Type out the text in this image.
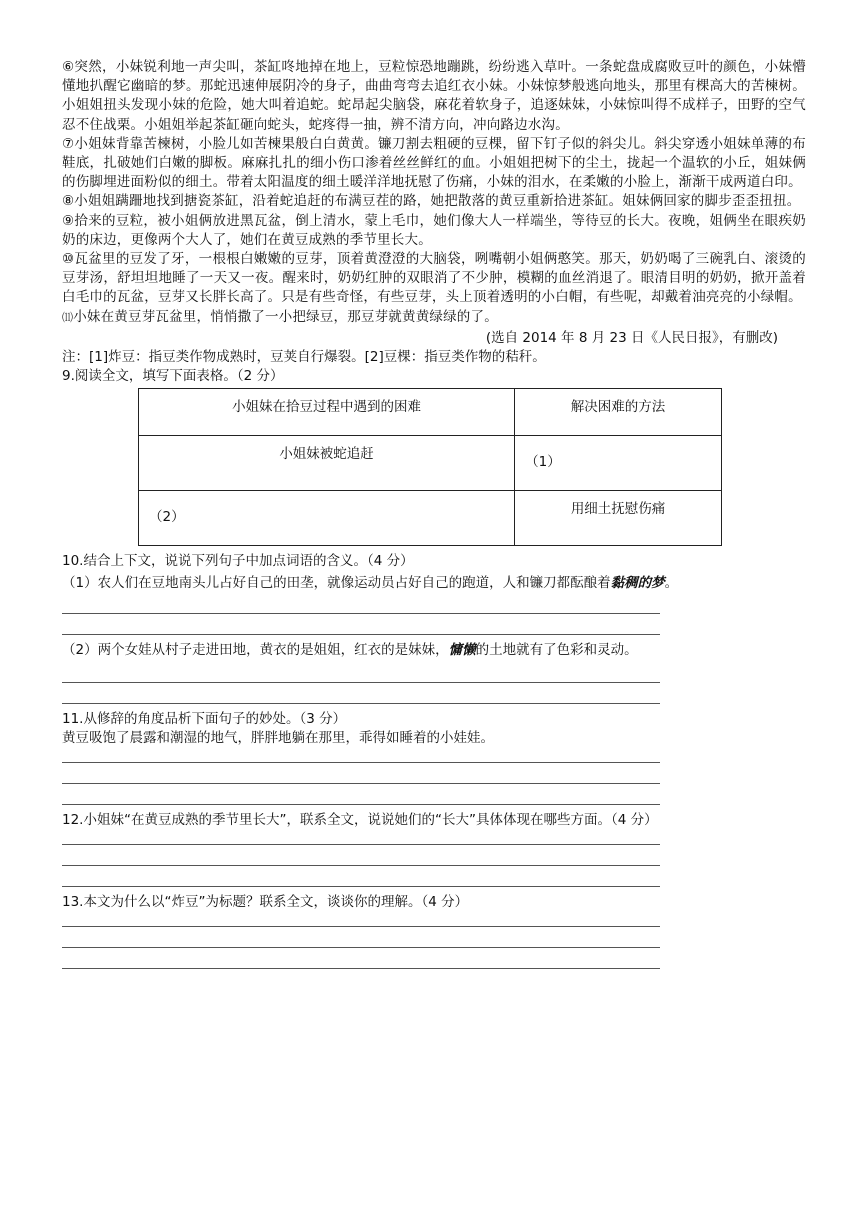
⑥突然，小妹锐利地一声尖叫，茶缸咚地掉在地上，豆粒惊恐地蹦跳，纷纷逃入草叶。一条蛇盘成腐败豆叶的颜色，小妹懵懂地扒醒它幽暗的梦。那蛇迅速伸展阴冷的身子，曲曲弯弯去追红衣小妹。小妹惊梦般逃向地头，那里有棵高大的苦楝树。小姐姐扭头发现小妹的危险，她大叫着追蛇。蛇昂起尖脑袋，麻花着软身子，追逐妹妹，小妹惊叫得不成样子，田野的空气忍不住战栗。小姐姐举起茶缸砸向蛇头，蛇疼得一抽，辨不清方向，冲向路边水沟。

⑦小姐妹背靠苦楝树，小脸儿如苦楝果般白白黄黄。镰刀割去粗硬的豆棵，留下钉子似的斜尖儿。斜尖穿透小姐妹单薄的布鞋底，扎破她们白嫩的脚板。麻麻扎扎的细小伤口渗着丝丝鲜红的血。小姐姐把树下的尘土，拢起一个温软的小丘，姐妹俩的伤脚埋进面粉似的细土。带着太阳温度的细土暖洋洋地抚慰了伤痛，小妹的泪水，在柔嫩的小脸上，渐渐干成两道白印。

⑧小姐姐蹒跚地找到搪瓷茶缸，沿着蛇追赶的布满豆茬的路，她把散落的黄豆重新拾进茶缸。姐妹俩回家的脚步歪歪扭扭。

⑨拾来的豆粒，被小姐俩放进黑瓦盆，倒上清水，蒙上毛巾，她们像大人一样端坐，等待豆的长大。夜晚，姐俩坐在眼疾奶奶的床边，更像两个大人了，她们在黄豆成熟的季节里长大。

⑩瓦盆里的豆发了牙，一根根白嫩嫩的豆芽，顶着黄澄澄的大脑袋，咧嘴朝小姐俩憨笑。那天，奶奶喝了三碗乳白、滚烫的豆芽汤，舒坦坦地睡了一天又一夜。醒来时，奶奶红肿的双眼消了不少肿，模糊的血丝消退了。眼清目明的奶奶，掀开盖着白毛巾的瓦盆，豆芽又长胖长高了。只是有些奇怪，有些豆芽，头上顶着透明的小白帽，有些呢，却戴着油亮亮的小绿帽。

⑾小妹在黄豆芽瓦盆里，悄悄撒了一小把绿豆，那豆芽就黄黄绿绿的了。

(选自 2014 年 8 月 23 日《人民日报》，有删改)
注：[1]炸豆：指豆类作物成熟时，豆荚自行爆裂。[2]豆棵：指豆类作物的秸秆。

9.阅读全文，填写下面表格。（2 分）

小姐妹在拾豆过程中遇到的困难	解决困难的方法
小姐妹被蛇追赶	（1）
（2）	用细土抚慰伤痛

10.结合上下文，说说下列句子中加点词语的含义。（4 分）

（1）农人们在豆地南头儿占好自己的田垄，就像运动员占好自己的跑道，人和镰刀都酝酿着黏稠的梦。

（2）两个女娃从村子走进田地，黄衣的是姐姐，红衣的是妹妹，慵懒的土地就有了色彩和灵动。

11.从修辞的角度品析下面句子的妙处。（3 分）

黄豆吸饱了晨露和潮湿的地气，胖胖地躺在那里，乖得如睡着的小娃娃。

12.小姐妹“在黄豆成熟的季节里长大”，联系全文，说说她们的“长大”具体体现在哪些方面。（4 分）

13.本文为什么以“炸豆”为标题？联系全文，谈谈你的理解。（4 分）
